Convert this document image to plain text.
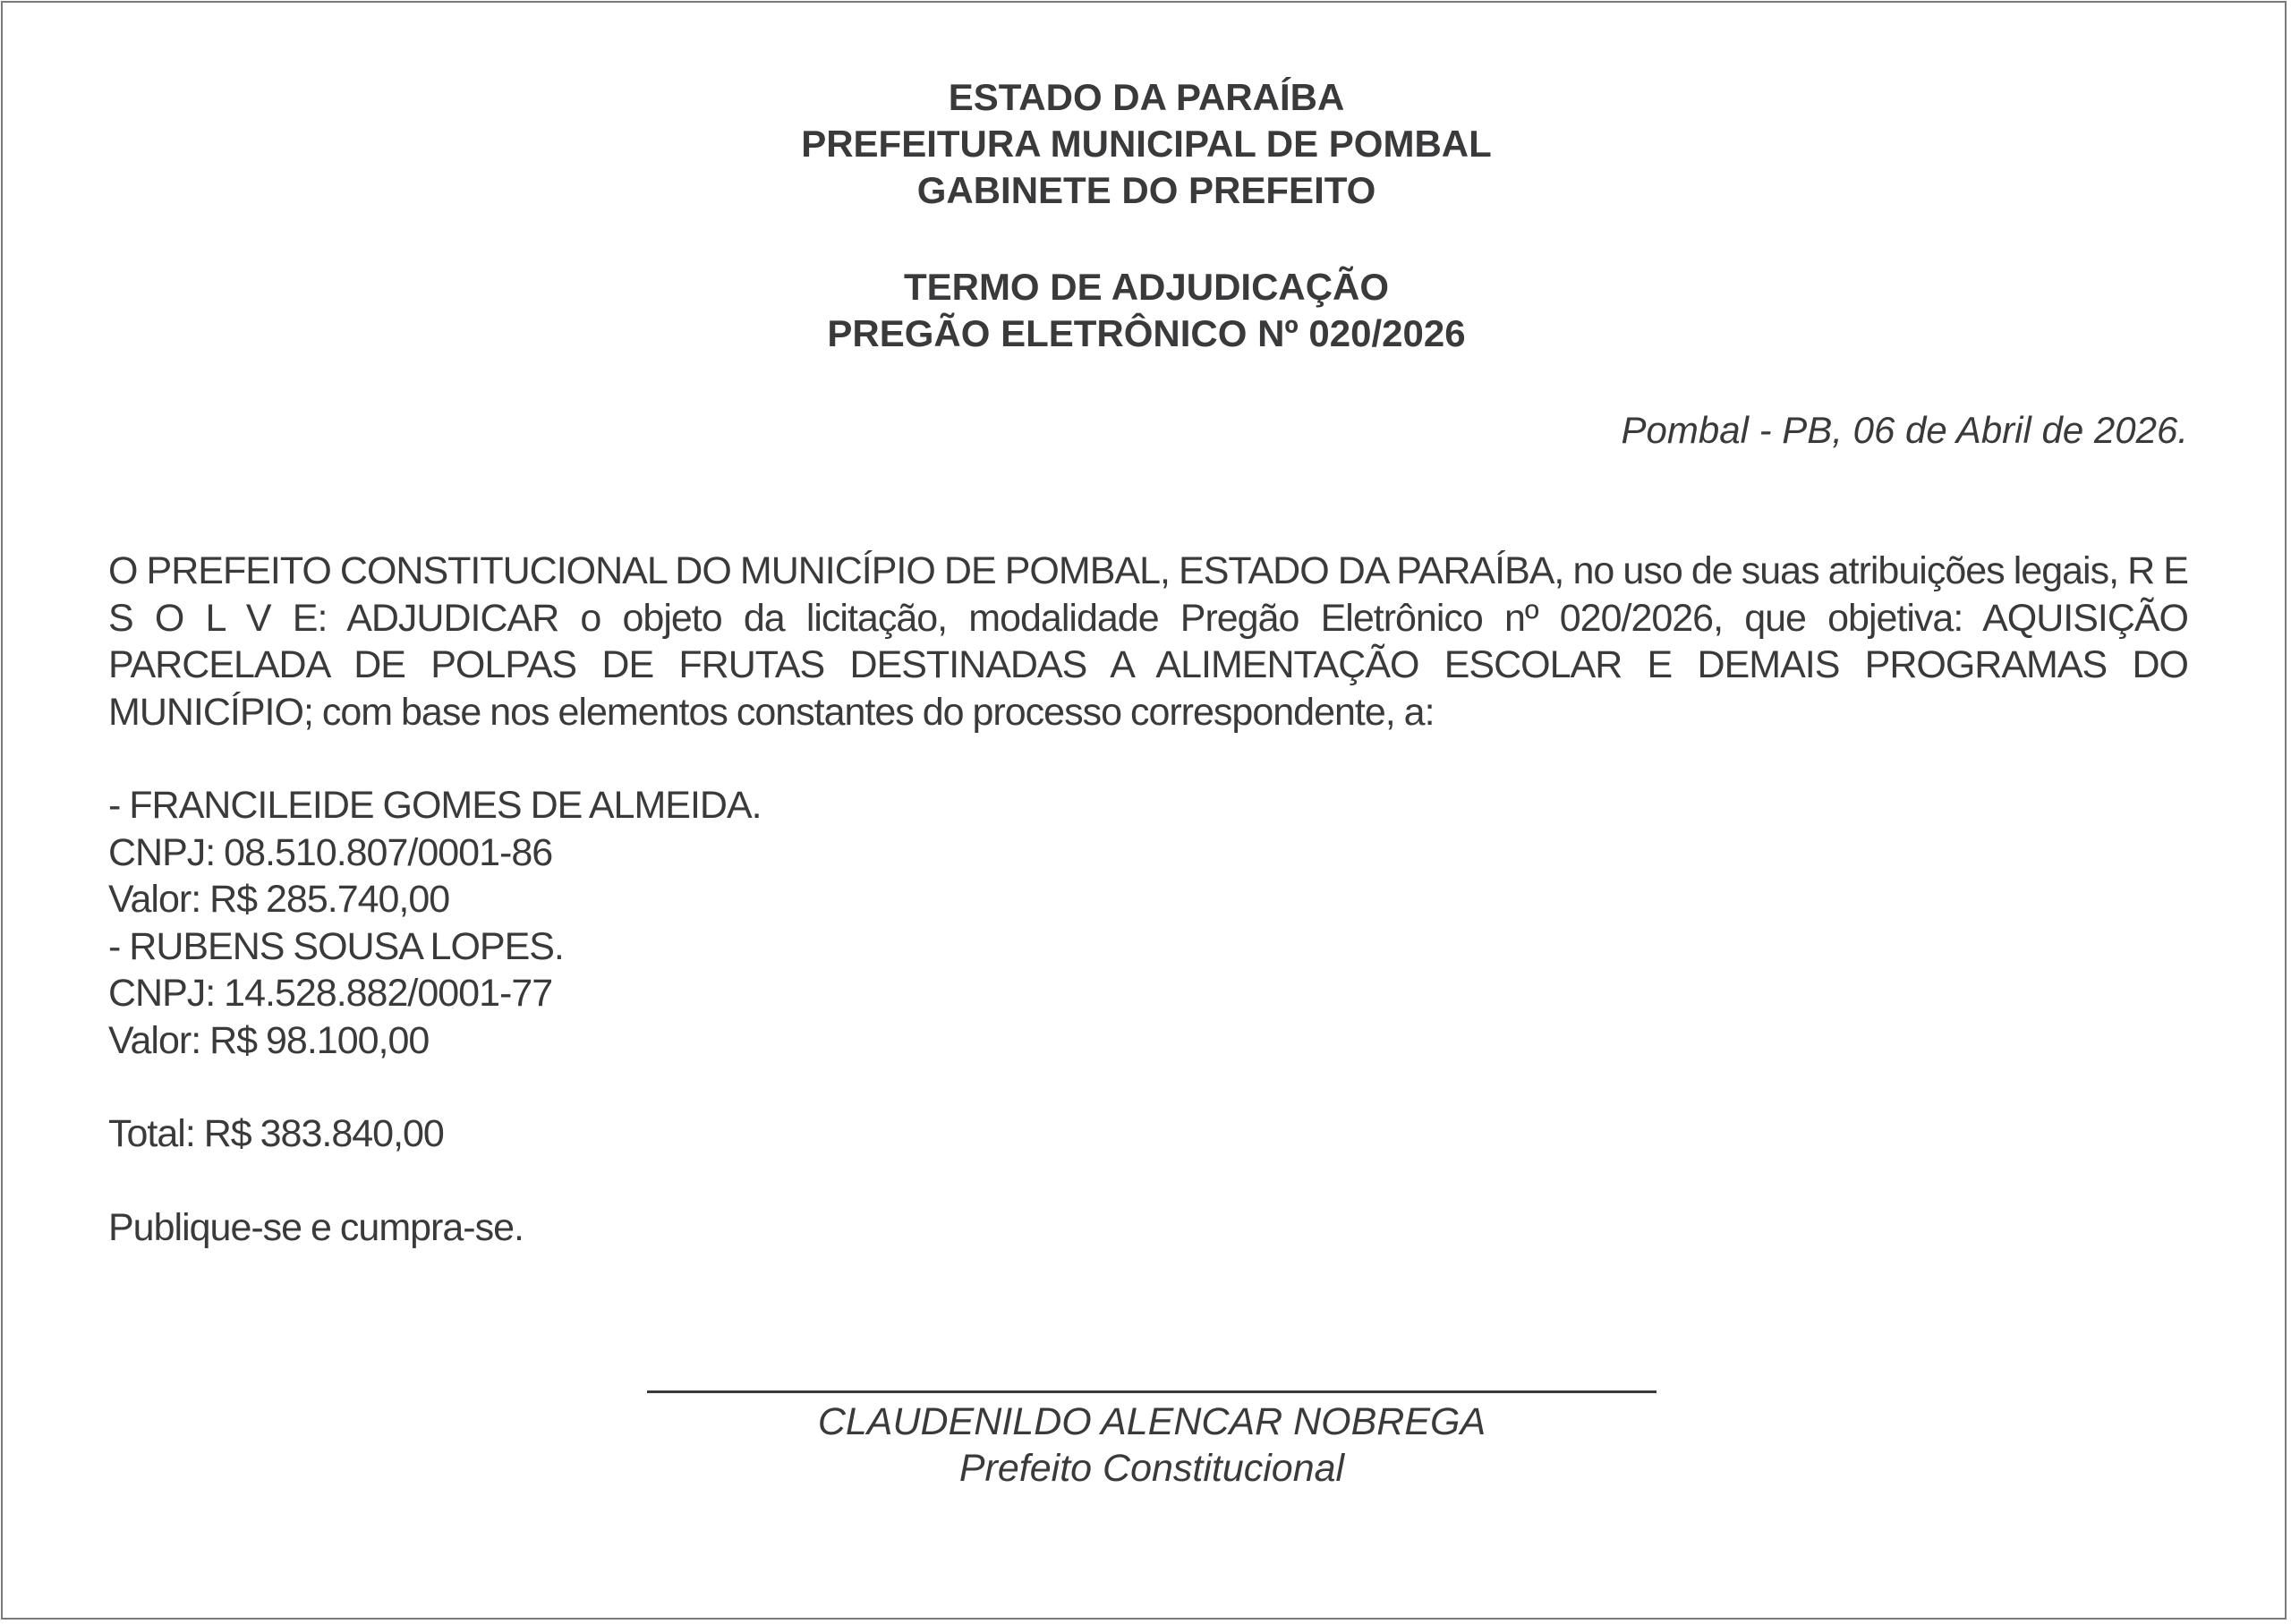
ESTADO DA PARAÍBA
PREFEITURA MUNICIPAL DE POMBAL
GABINETE DO PREFEITO
TERMO DE ADJUDICAÇÃO
PREGÃO ELETRÔNICO Nº 020/2026
Pombal - PB, 06 de Abril de 2026.
O PREFEITO CONSTITUCIONAL DO MUNICÍPIO DE POMBAL, ESTADO DA PARAÍBA, no uso de suas atribuições legais, R E S O L V E: ADJUDICAR o objeto da licitação, modalidade Pregão Eletrônico nº 020/2026, que objetiva: AQUISIÇÃO PARCELADA DE POLPAS DE FRUTAS DESTINADAS A ALIMENTAÇÃO ESCOLAR E DEMAIS PROGRAMAS DO MUNICÍPIO; com base nos elementos constantes do processo correspondente, a:
- FRANCILEIDE GOMES DE ALMEIDA.
CNPJ: 08.510.807/0001-86
Valor: R$ 285.740,00
- RUBENS SOUSA LOPES.
CNPJ: 14.528.882/0001-77
Valor: R$ 98.100,00
Total: R$ 383.840,00
Publique-se e cumpra-se.
CLAUDENILDO ALENCAR NOBREGA
Prefeito Constitucional
